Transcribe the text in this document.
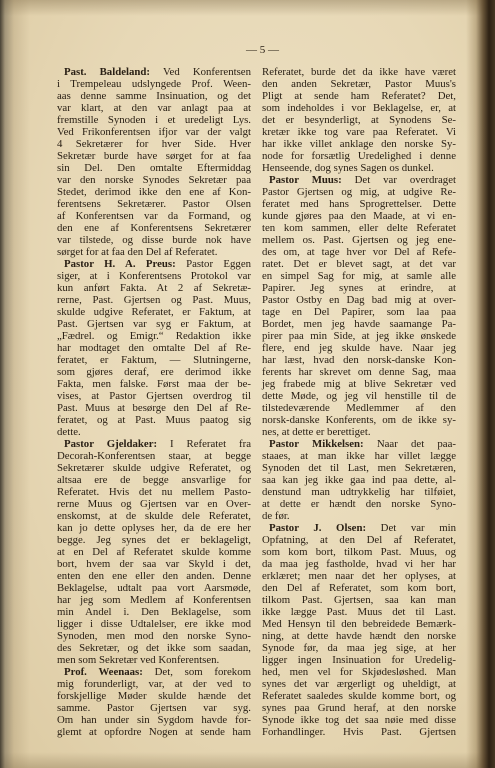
— 5 —
Past. Baldeland: Ved Konferentsen
i Trempeleau udslyngede Prof. Ween-
aas denne samme Insinuation, og det
var klart, at den var anlagt paa at
fremstille Synoden i et uredeligt Lys.
Ved Frikonferentsen ifjor var der valgt
4 Sekretærer for hver Side. Hver
Sekretær burde have sørget for at faa
sin Del. Den omtalte Eftermiddag
var den norske Synodes Sekretær paa
Stedet, derimod ikke den ene af Kon-
ferentsens Sekretærer. Pastor Olsen
af Konferentsen var da Formand, og
den ene af Konferentsens Sekretærer
var tilstede, og disse burde nok have
sørget for at faa den Del af Referatet.
Pastor H. A. Preus: Pastor Eggen
siger, at i Konferentsens Protokol var
kun anført Fakta. At 2 af Sekretæ-
rerne, Past. Gjertsen og Past. Muus,
skulde udgive Referatet, er Faktum, at
Past. Gjertsen var syg er Faktum, at
„Fædrel. og Emigr.“ Redaktion ikke
har modtaget den omtalte Del af Re-
feratet, er Faktum, — Slutningerne,
som gjøres deraf, ere derimod ikke
Fakta, men falske. Først maa der be-
vises, at Pastor Gjertsen overdrog til
Past. Muus at besørge den Del af Re-
feratet, og at Past. Muus paatog sig
dette.
Pastor Gjeldaker: I Referatet fra
Decorah-Konferentsen staar, at begge
Sekretærer skulde udgive Referatet, og
altsaa ere de begge ansvarlige for
Referatet. Hvis det nu mellem Pasto-
rerne Muus og Gjertsen var en Over-
enskomst, at de skulde dele Referatet,
kan jo dette oplyses her, da de ere her
begge. Jeg synes det er beklageligt,
at en Del af Referatet skulde komme
bort, hvem der saa var Skyld i det,
enten den ene eller den anden. Denne
Beklagelse, udtalt paa vort Aarsmøde,
har jeg som Medlem af Konferentsen
min Andel i. Den Beklagelse, som
ligger i disse Udtalelser, ere ikke mod
Synoden, men mod den norske Syno-
des Sekretær, og det ikke som saadan,
men som Sekretær ved Konferentsen.
Prof. Weenaas: Det, som forekom
mig forunderligt, var, at der ved to
forskjellige Møder skulde hænde det
samme. Pastor Gjertsen var syg.
Om han under sin Sygdom havde for-
glemt at opfordre Nogen at sende ham
Referatet, burde det da ikke have været
den anden Sekretær, Pastor Muus's
Pligt at sende ham Referatet? Det,
som indeholdes i vor Beklagelse, er, at
det er besynderligt, at Synodens Se-
kretær ikke tog vare paa Referatet. Vi
har ikke villet anklage den norske Sy-
node for forsætlig Uredelighed i denne
Henseende, dog synes Sagen os dunkel.
Pastor Muus: Det var overdraget
Pastor Gjertsen og mig, at udgive Re-
feratet med hans Sprogrettelser. Dette
kunde gjøres paa den Maade, at vi en-
ten kom sammen, eller delte Referatet
mellem os. Past. Gjertsen og jeg ene-
des om, at tage hver vor Del af Refe-
ratet. Det er blevet sagt, at det var
en simpel Sag for mig, at samle alle
Papirer. Jeg synes at erindre, at
Pastor Ostby en Dag bad mig at over-
tage en Del Papirer, som laa paa
Bordet, men jeg havde saamange Pa-
pirer paa min Side, at jeg ikke ønskede
flere, end jeg skulde have. Naar jeg
har læst, hvad den norsk-danske Kon-
ferents har skrevet om denne Sag, maa
jeg frabede mig at blive Sekretær ved
dette Møde, og jeg vil henstille til de
tilstedeværende Medlemmer af den
norsk-danske Konferents, om de ikke sy-
nes, at dette er berettiget.
Pastor Mikkelsen: Naar det paa-
staaes, at man ikke har villet lægge
Synoden det til Last, men Sekretæren,
saa kan jeg ikke gaa ind paa dette, al-
denstund man udtrykkelig har tilføiet,
at dette er hændt den norske Syno-
de før.
Pastor J. Olsen: Det var min
Opfatning, at den Del af Referatet,
som kom bort, tilkom Past. Muus, og
da maa jeg fastholde, hvad vi her har
erklæret; men naar det her oplyses, at
den Del af Referatet, som kom bort,
tilkom Past. Gjertsen, saa kan man
ikke lægge Past. Muus det til Last.
Med Hensyn til den bebreidede Bemærk-
ning, at dette havde hændt den norske
Synode før, da maa jeg sige, at her
ligger ingen Insinuation for Uredelig-
hed, men vel for Skjødesløshed. Man
synes det var ærgerligt og uheldigt, at
Referatet saaledes skulde komme bort, og
synes paa Grund heraf, at den norske
Synode ikke tog det saa nøie med disse
Forhandlinger. Hvis Past. Gjertsen
